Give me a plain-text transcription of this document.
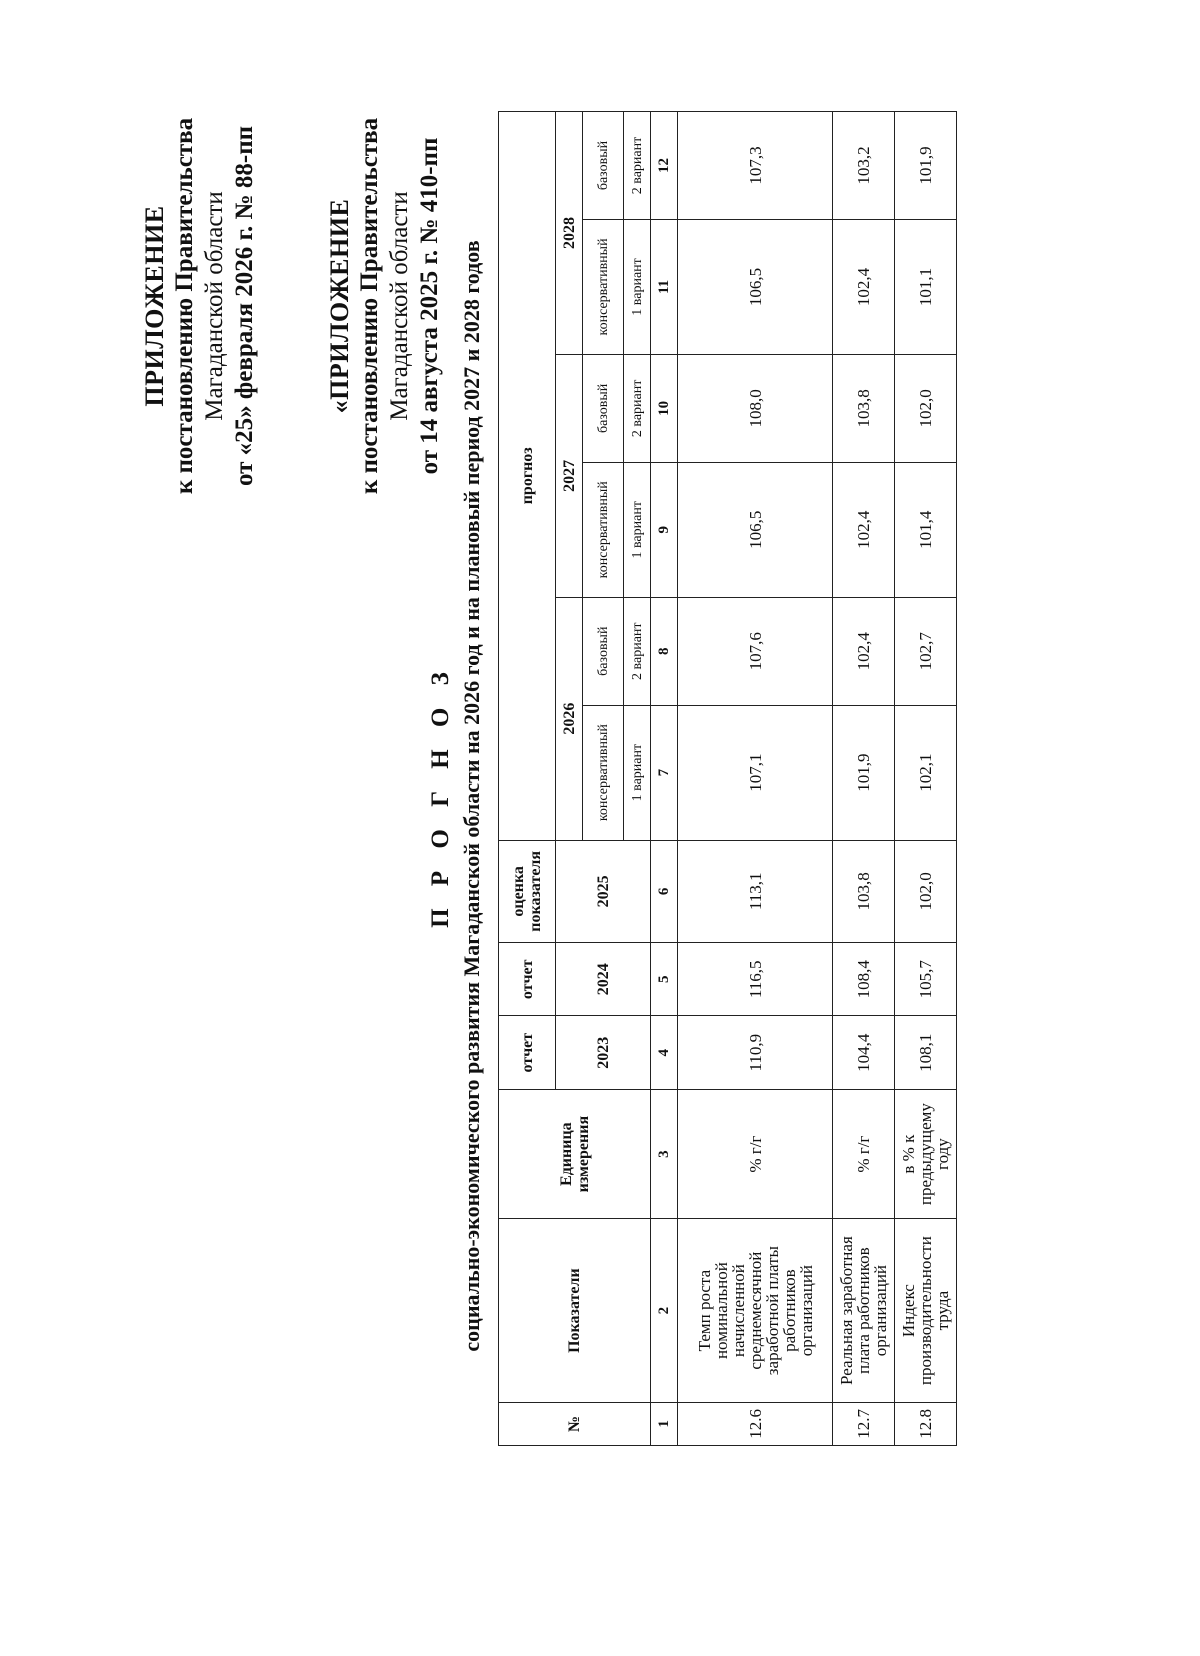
ПРИЛОЖЕНИЕ к постановлению Правительства Магаданской области от «25» февраля 2026 г. № 88-пп	«ПРИЛОЖЕНИЕ к постановлению Правительства Магаданской области от 14 августа 2025 г. № 410-пп
П Р О Г Н О З социально-экономического развития Магаданской области на 2026 год и на плановый период 2027 и 2028 годов
№	Показатели	Единица измерения	отчет	отчет	оценка показателя	прогноз					
			2023	2024	2025	2026		2027		2028	
						консервативный	базовый	консервативный	базовый	консервативный	базовый
						1 вариант	2 вариант	1 вариант	2 вариант	1 вариант	2 вариант
1	2	3	4	5	6	7	8	9	10	11	12
12.6	Темп роста номинальной начисленной среднемесячной заработной платы работников организаций	% г/г	110,9	116,5	113,1	107,1	107,6	106,5	108,0	106,5	107,3
12.7	Реальная заработная плата работников организаций	% г/г	104,4	108,4	103,8	101,9	102,4	102,4	103,8	102,4	103,2
12.8	Индекс производительности труда	в % к предыдущему году	108,1	105,7	102,0	102,1	102,7	101,4	102,0	101,1	101,9
